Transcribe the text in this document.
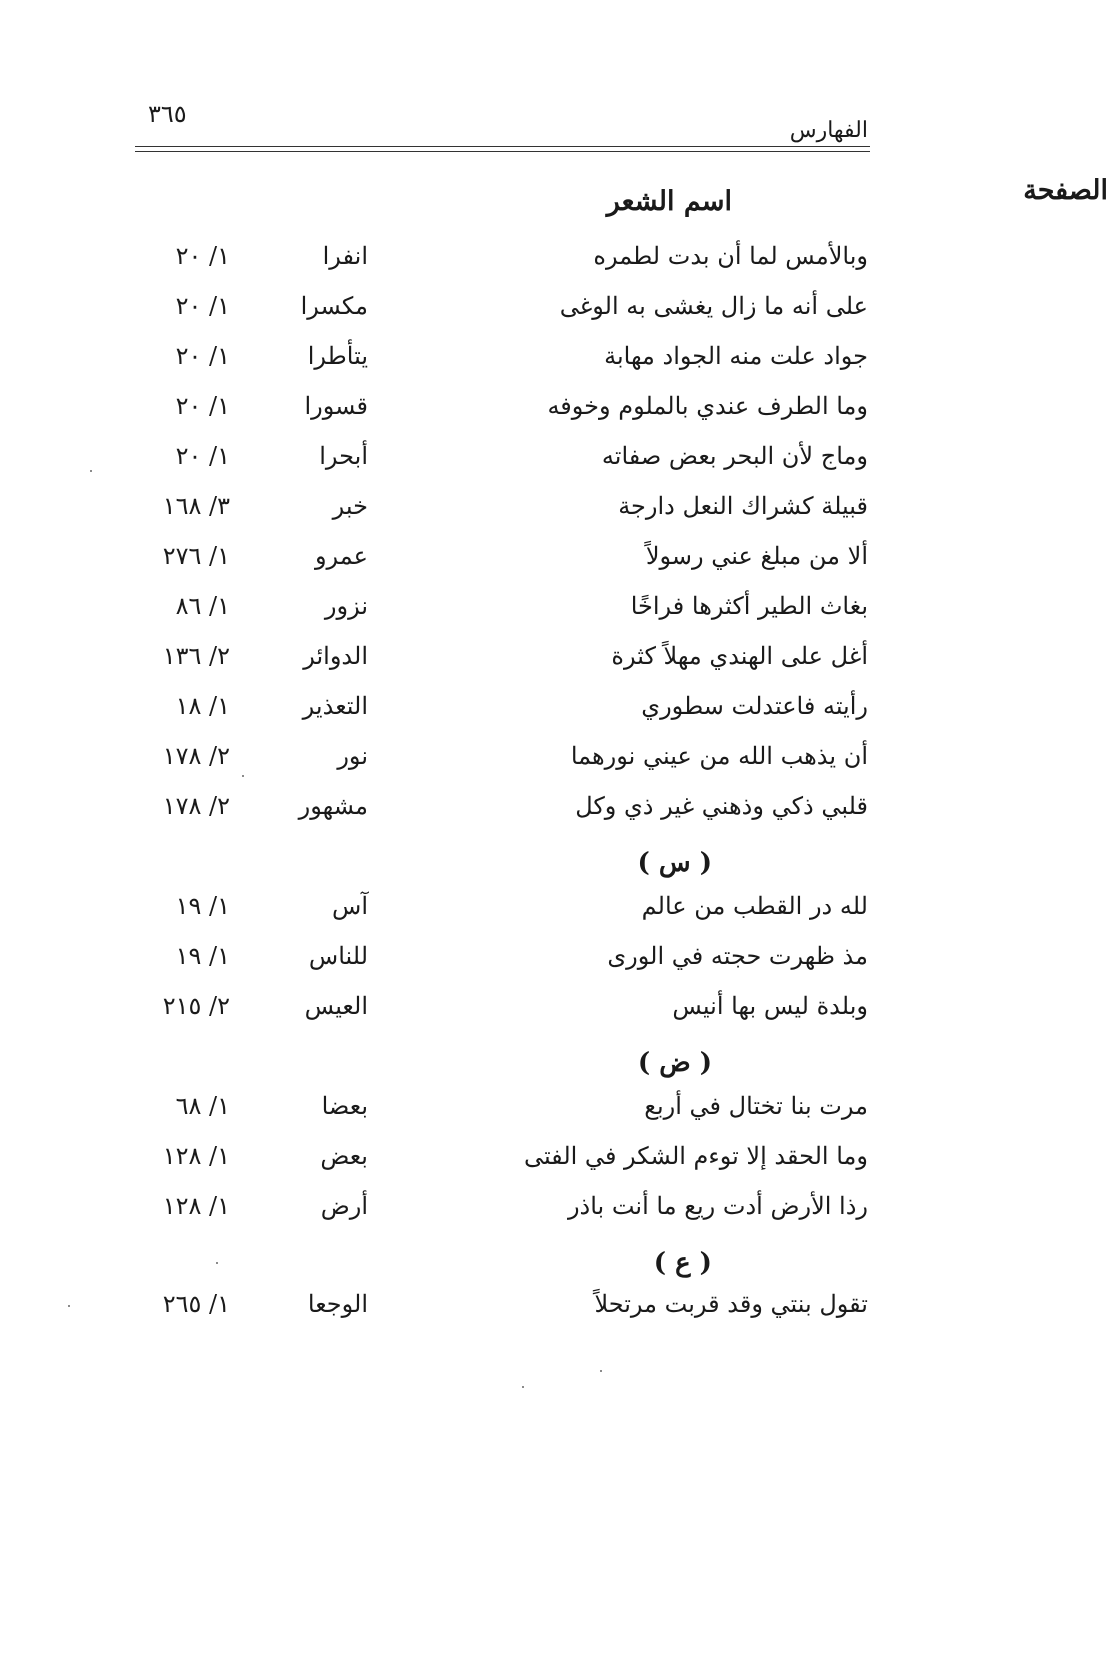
٣٦٥
الفهارس
اسم الشعر	الصفحة
وبالأمس لما أن بدت لطمره
انفرا
١/ ٢٠
على أنه ما زال يغشى به الوغى
مكسرا
١/ ٢٠
جواد علت منه الجواد مهابة
يتأطرا
١/ ٢٠
وما الطرف عندي بالملوم وخوفه
قسورا
١/ ٢٠
وماج لأن البحر بعض صفاته
أبحرا
١/ ٢٠
قبيلة كشراك النعل دارجة
خبر
٣/ ١٦٨
ألا من مبلغ عني رسولاً
عمرو
١/ ٢٧٦
بغاث الطير أكثرها فراخًا
نزور
١/ ٨٦
أغل على الهندي مهلاً كثرة
الدوائر
٢/ ١٣٦
رأيته فاعتدلت سطوري
التعذير
١/ ١٨
أن يذهب الله من عيني نورهما
نور
٢/ ١٧٨
قلبي ذكي وذهني غير ذي وكل
مشهور
٢/ ١٧٨
( س )
لله در القطب من عالم
آس
١/ ١٩
مذ ظهرت حجته في الورى
للناس
١/ ١٩
وبلدة ليس بها أنيس
العيس
٢/ ٢١٥
( ض )
مرت بنا تختال في أربع
بعضا
١/ ٦٨
وما الحقد إلا توءم الشكر في الفتى
بعض
١/ ١٢٨
رذا الأرض أدت ريع ما أنت باذر
أرض
١/ ١٢٨
( ع )
تقول بنتي وقد قربت مرتحلاً
الوجعا
١/ ٢٦٥
